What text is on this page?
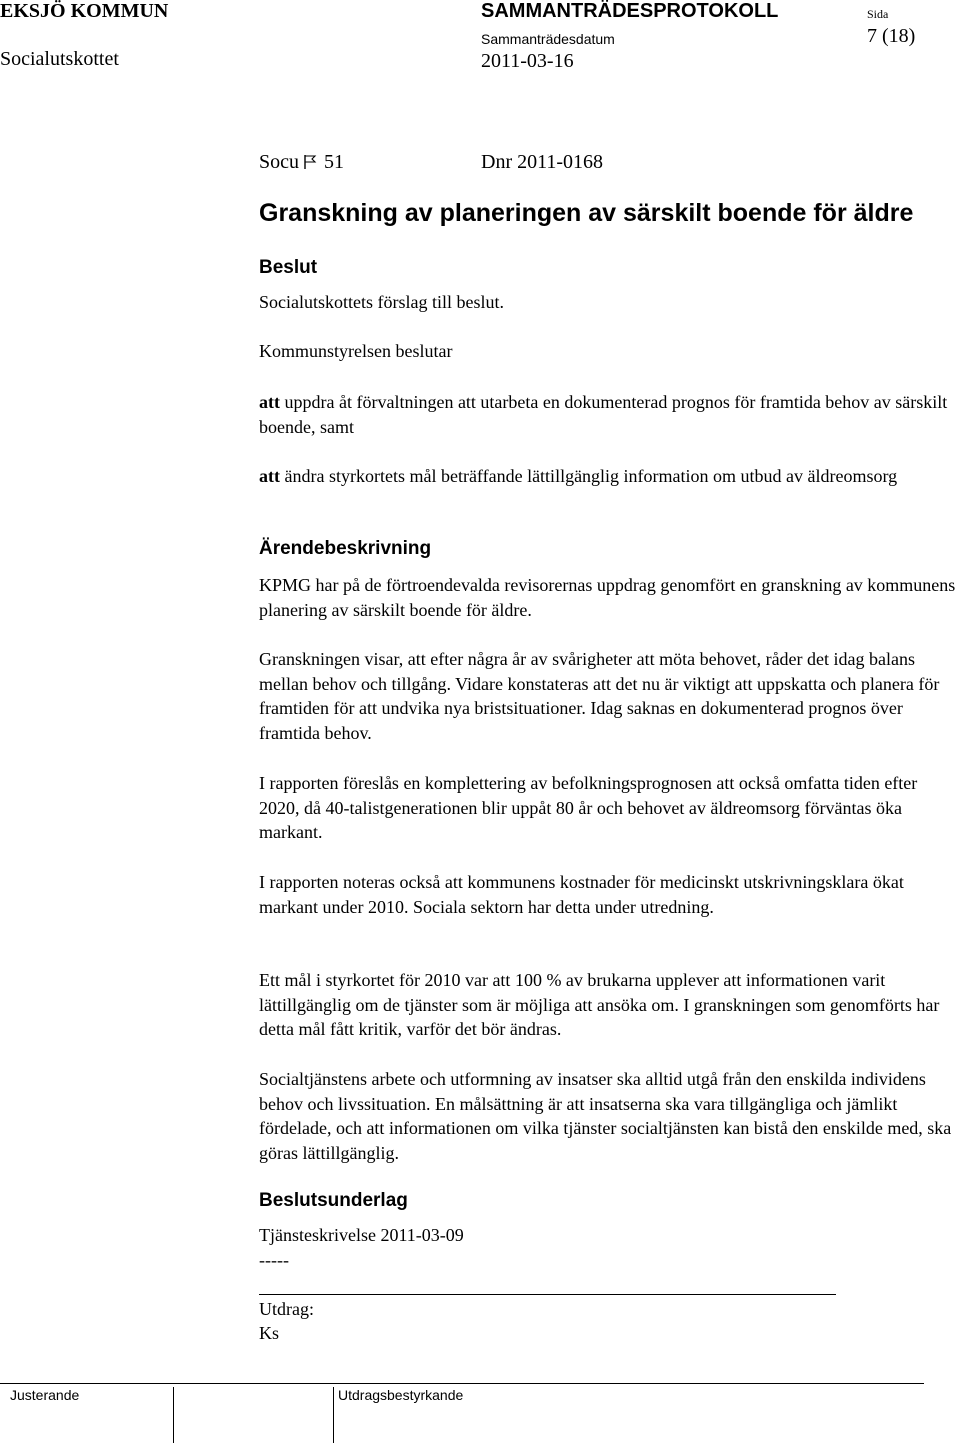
EKSJÖ KOMMUN
Socialutskottet
SAMMANTRÄDESPROTOKOLL
Sammanträdesdatum
2011-03-16
Sida
7 (18)
Socu 51	Dnr 2011-0168
Granskning av planeringen av särskilt boende för äldre
Beslut
Socialutskottets förslag till beslut.
Kommunstyrelsen beslutar

att uppdra åt förvaltningen att utarbeta en dokumenterad prognos för framtida behov av särskilt boende, samt

att ändra styrkortets mål beträffande lättillgänglig information om utbud av äldreomsorg

Ärendebeskrivning

KPMG har på de förtroendevalda revisorernas uppdrag genomfört en granskning av kommunens planering av särskilt boende för äldre.

Granskningen visar, att efter några år av svårigheter att möta behovet, råder det idag balans mellan behov och tillgång. Vidare konstateras att det nu är viktigt att uppskatta och planera för framtiden för att undvika nya bristsituationer. Idag saknas en dokumenterad prognos över framtida behov.

I rapporten föreslås en komplettering av befolkningsprognosen att också omfatta tiden efter 2020, då 40-talistgenerationen blir uppåt 80 år och behovet av äldreomsorg förväntas öka markant.

I rapporten noteras också att kommunens kostnader för medicinskt utskrivningsklara ökat markant under 2010. Sociala sektorn har detta under utredning.

Ett mål i styrkortet för 2010 var att 100 % av brukarna upplever att informationen varit lättillgänglig om de tjänster som är möjliga att ansöka om. I granskningen som genomförts har detta mål fått kritik, varför det bör ändras.

Socialtjänstens arbete och utformning av insatser ska alltid utgå från den enskilda individens behov och livssituation. En målsättning är att insatserna ska vara tillgängliga och jämlikt fördelade, och att informationen om vilka tjänster socialtjänsten kan bistå den enskilde med, ska göras lättillgänglig.

Beslutsunderlag
Tjänsteskrivelse 2011-03-09
-----
Utdrag:
Ks
Justerande	Utdragsbestyrkande
